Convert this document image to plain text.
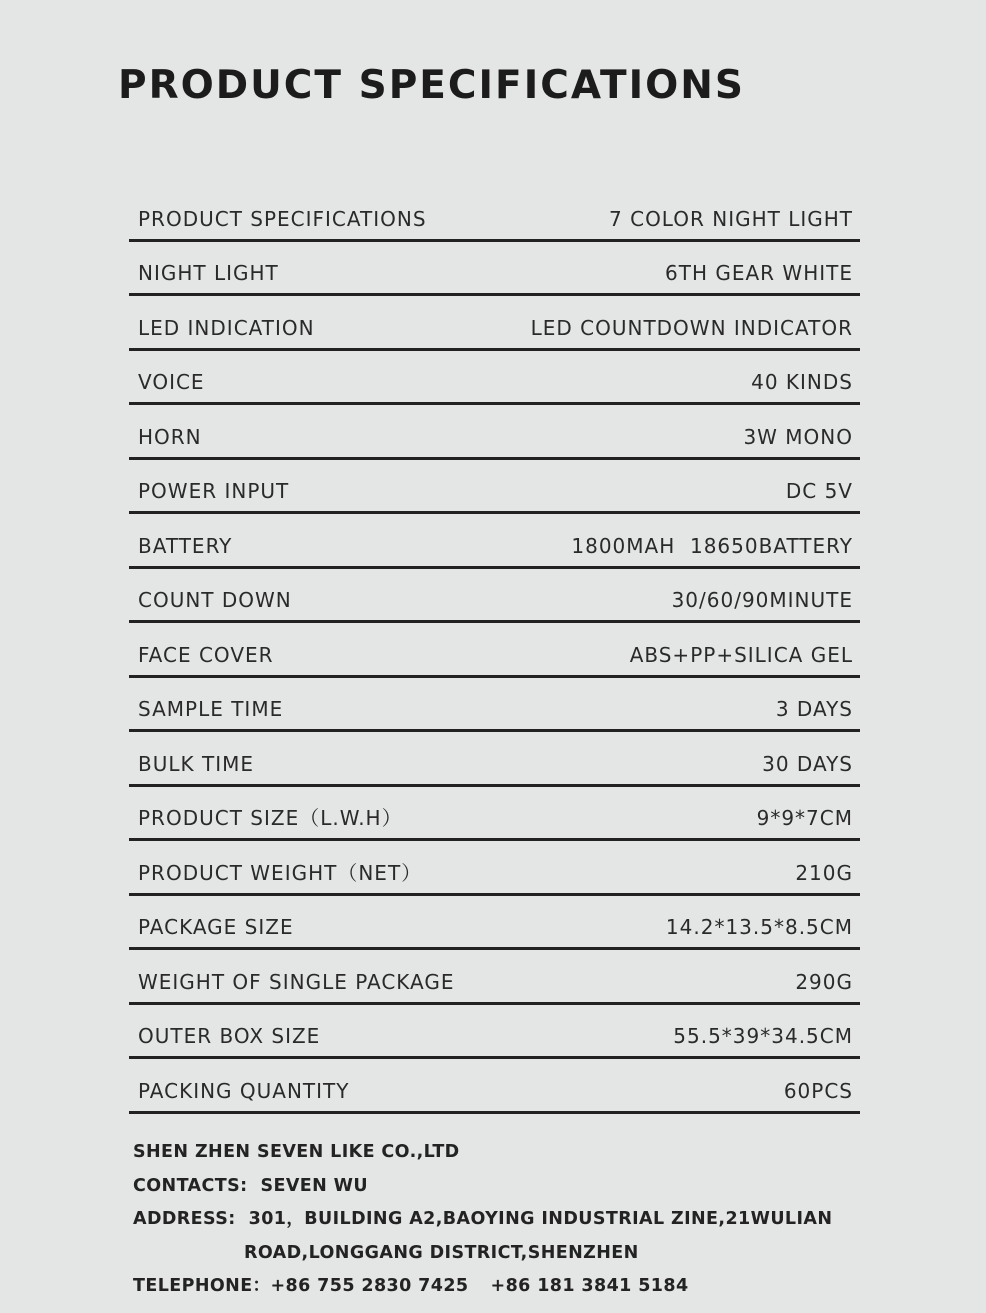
PRODUCT SPECIFICATIONS
PRODUCT SPECIFICATIONS	7 COLOR NIGHT LIGHT
NIGHT LIGHT	6TH GEAR WHITE
LED INDICATION	LED COUNTDOWN INDICATOR
VOICE	40 KINDS
HORN	3W MONO
POWER INPUT	DC 5V
BATTERY	1800MAH  18650BATTERY
COUNT DOWN	30/60/90MINUTE
FACE COVER	ABS+PP+SILICA GEL
SAMPLE TIME	3 DAYS
BULK TIME	30 DAYS
PRODUCT SIZE（L.W.H）	9*9*7CM
PRODUCT WEIGHT（NET）	210G
PACKAGE SIZE	14.2*13.5*8.5CM
WEIGHT OF SINGLE PACKAGE	290G
OUTER BOX SIZE	55.5*39*34.5CM
PACKING QUANTITY	60PCS
SHEN ZHEN SEVEN LIKE CO.,LTD
CONTACTS:  SEVEN WU
ADDRESS:  301，BUILDING A2,BAOYING INDUSTRIAL ZINE,21WULIAN
ROAD,LONGGANG DISTRICT,SHENZHEN
TELEPHONE：+86 755 2830 7425 +86 181 3841 5184
